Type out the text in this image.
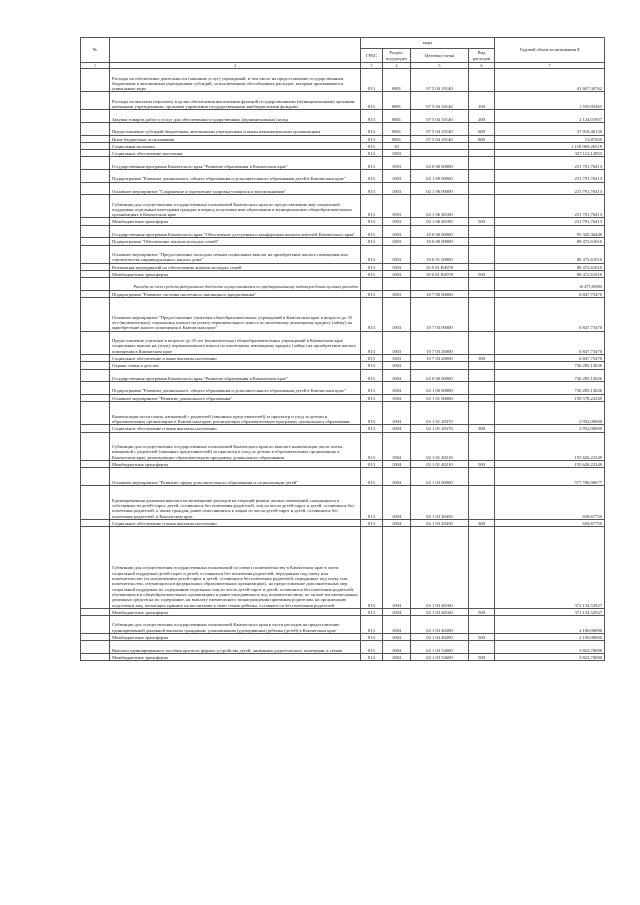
№		коды				Годовой объем ассигнования $
		ГРБС	Раздел, под-раздел	Целевая статья	Вид расходов	
1	2	3	4	5	6	7
	Расходы на обеспечение деятельности (оказание услуг) учреждений, в том числе на предоставление государственным бюджетным и автономным учреждениям субсидий, за исключением обособленных расходов, которым присваиваются уникальные коды	813	0801	07 5 04 10140		41 607,30762
	Расходы на выплаты персоналу в целях обеспечения выполнения функций государственными (муниципальными) органами, казенными учреждениями, органами управления государственными внебюджетными фондами	813	0801	07 5 04 10140	100	1 550,95465
	Закупка товаров, работ и услуг для обеспечения государственных (муниципальных) нужд	813	0801	07 5 04 10140	200	2 124,01957
	Предоставление субсидий бюджетным, автономным учреждениям и иным некоммерческим организациям	813	0801	07 5 04 10140	600	37 918,46120
	Иные бюджетные ассигнования	813	0801	07 5 04 10140	800	13,87200
	Социальная политика	813	10			1 118 969,26519
	Социальное обеспечение населения	813	1003			327 112,12853
	Государственная программа Камчатского края "Развитие образования в Камчатском крае"	813	1003	02 0 00 00000		231 791,76413
	Подпрограмма "Развитие дошкольного, общего образования и дополнительного образования детей в Камчатском крае"	813	1003	02 1 00 00000		231 791,76413
	Основное мероприятие "Сохранение и укрепление здоровья учащихся и воспитанников"	813	1003	02 1 06 00000		231 791,76413
	Субвенции для осуществления государственных полномочий Камчатского края по предоставлению мер социальной поддержки отдельным категориям граждан в период получения ими образования в муниципальных общеобразовательных организациях в Камчатском крае	813	1003	02 1 06 40180		231 791,76413
	Межбюджетные трансферты	813	1003	02 1 06 40180	500	231 791,76413
	Государственная программа Камчатского края "Обеспечение доступным и комфортным жильем жителей Камчатского края"	813	1003	10 0 00 00000		95 320,36440
	Подпрограмма "Обеспечение жильем молодых семей"	813	1003	10 6 00 00000		88 472,61010
	Основное мероприятие "Предоставление молодым семьям социальных выплат на приобретение жилого помещения или строительство индивидуального жилого дома"	813	1003	10 6 01 00000		88 472,61010
	Реализация мероприятий по обеспечению жильем молодых семей	813	1003	10 6 01 R4970		88 472,61010
	Межбюджетные трансферты	813	1003	10 6 01 R4970	500	88 472,61010
	Расходы за счет средств федерального бюджета осуществляются по предварительному подтверждению целевых расходов					16 473,90000
	Подпрограмма "Развитие системы ипотечного жилищного кредитования"	813	1003	10 7 00 00000		6 847,75470
	Основное мероприятие "Предоставление учителям общеобразовательных учреждений в Камчатском крае в возрасте до 35 лет (включительно) социальных выплат на уплату первоначального взноса по ипотечному жилищному кредиту (займу) на приобретение жилого помещения в Камчатском крае"	813	1003	10 7 03 00000		6 847,75470
	Предоставление учителям в возрасте до 35 лет (включительно) общеобразовательных учреждений в Камчатском крае социальных выплат на уплату первоначального взноса по ипотечному жилищному кредиту (займу) на приобретение жилого помещения в Камчатском крае	813	1003	10 7 03 20000		6 847,75470
	Социальное обеспечение и иные выплаты населению	813	1003	10 7 03 20000	300	6 847,75470
	Охрана семьи и детства	813	1004			736 285,13026
	Государственная программа Камчатского края "Развитие образования в Камчатском крае"	813	1004	02 0 00 00000		736 285,13026
	Подпрограмма "Развитие дошкольного, общего образования и дополнительного образования детей в Камчатском крае"	813	1004	02 1 00 00000		736 285,13026
	Основное мероприятие "Развитие дошкольного образования"	813	1004	02 1 01 00000		158 578,22349
	Компенсация части платы, взимаемой с родителей (законных представителей) за присмотр и уход за детьми в образовательных организациях в Камчатском крае, реализующих образовательную программу дошкольного образования	813	1004	02 1 01 20370		2 952,00000
	Социальное обеспечение и иные выплаты населению	813	1004	02 1 01 20370	300	2 952,00000
	Субвенции для осуществления государственных полномочий Камчатского края по выплате компенсации части платы, взимаемой с родителей (законных представителей) за присмотр и уход за детьми в образовательных организациях в Камчатском крае, реализующих образовательную программу дошкольного образования	813	1004	02 1 01 40210		155 626,22349
	Межбюджетные трансферты	813	1004	02 1 01 40210	500	155 626,22349
	Основное мероприятие "Развитие сферы дополнительного образования и социализации детей"	813	1004	02 1 03 00000		577 706,90677
	Единовременная денежная выплата на возмещение расходов на текущий ремонт жилых помещений, находящихся в собственности детей-сирот, детей, оставшихся без попечения родителей, лиц из числа детей-сирот и детей, оставшихся без попечения родителей, а также граждан, ранее относившихся к лицам из числа детей-сирот и детей, оставшихся без попечения родителей, в Камчатском крае	813	1004	02 1 03 20450		658,67750
	Социальное обеспечение и иные выплаты населению	813	1004	02 1 03 20450	300	658,67750
	Субвенции для осуществления государственных полномочий по опеке и попечительству в Камчатском крае в части социальной поддержки детей-сирот и детей, оставшихся без попечения родителей, переданных под опеку или попечительство (за исключением детей-сирот и детей, оставшихся без попечения родителей, переданных под опеку или попечительство, обучающихся в федеральных образовательных организациях), на предоставление дополнительных мер социальной поддержки по содержанию отдельных лиц из числа детей-сирот и детей, оставшихся без попечения родителей, обучающихся в общеобразовательных организациях и ранее находившихся под попечительством, по оплате им ежемесячных денежных средств на их содержание, на выплату ежемесячного вознаграждения приемным родителям, на организацию подготовки лиц, желающих принять на воспитание в свою семью ребенка, оставшегося без попечения родителей	813	1004	02 1 03 40160		371 134,52927
	Межбюджетные трансферты	813	1004	02 1 03 40160	500	371 134,52927
	Субвенции для осуществления государственных полномочий Камчатского края в части расходов на предоставление единовременной денежной выплаты гражданам, усыновившим (удочерившим) ребенка (детей) в Камчатском крае	813	1004	02 1 03 40200		2 100,00000
	Межбюджетные трансферты	813	1004	02 1 03 40200	500	2 100,00000
	Выплата единовременного пособия при всех формах устройства детей, лишенных родительского попечения, в семью	813	1004	02 1 03 52600		3 823,70000
	Межбюджетные трансферты	813	1004	02 1 03 52600	500	3 823,70000
